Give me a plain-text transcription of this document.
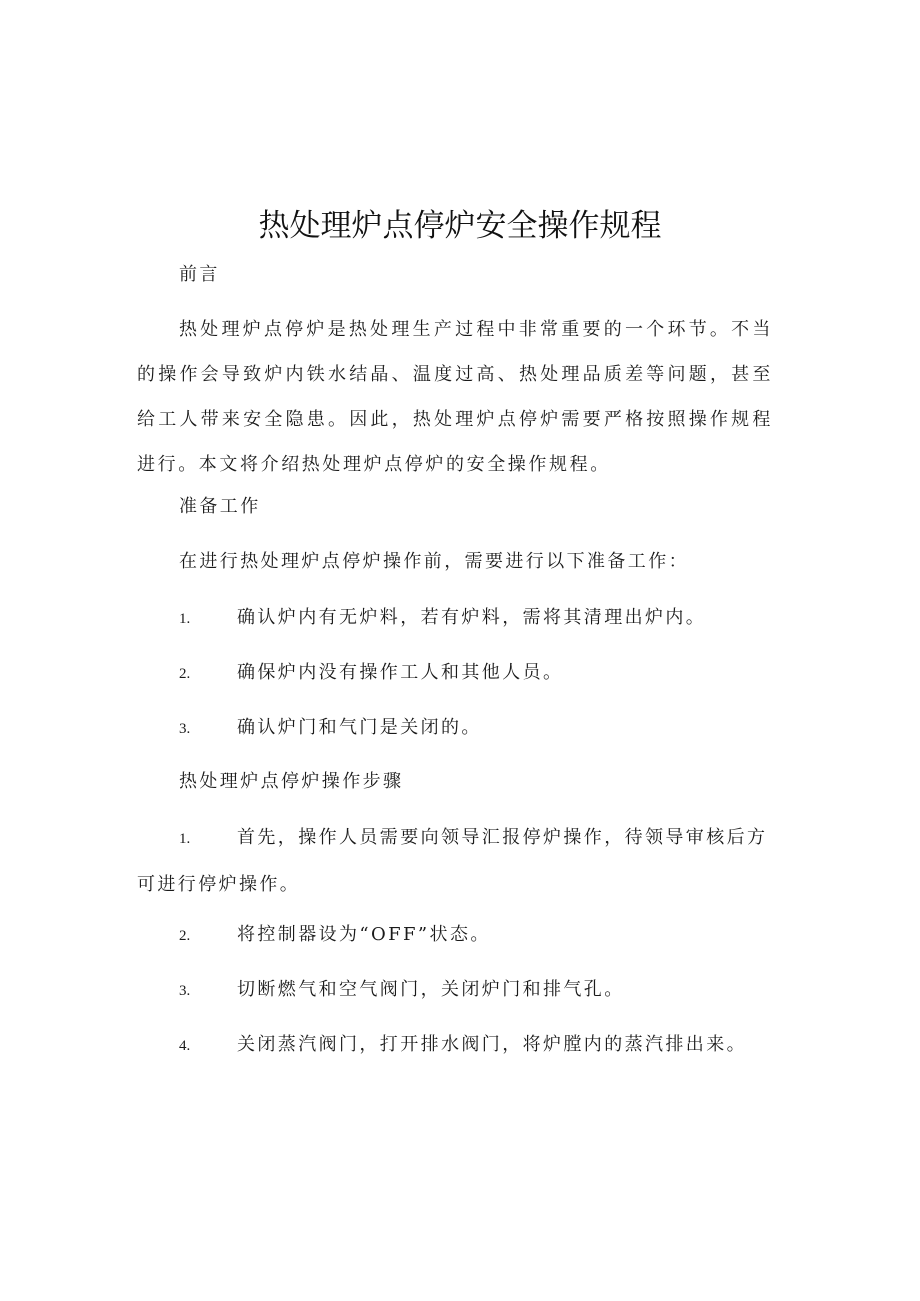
热处理炉点停炉安全操作规程
前言
热处理炉点停炉是热处理生产过程中非常重要的一个环节。不当的操作会导致炉内铁水结晶、温度过高、热处理品质差等问题，甚至给工人带来安全隐患。因此，热处理炉点停炉需要严格按照操作规程进行。本文将介绍热处理炉点停炉的安全操作规程。
准备工作
在进行热处理炉点停炉操作前，需要进行以下准备工作：
1.	确认炉内有无炉料，若有炉料，需将其清理出炉内。
2.	确保炉内没有操作工人和其他人员。
3.	确认炉门和气门是关闭的。
热处理炉点停炉操作步骤
1.	首先，操作人员需要向领导汇报停炉操作，待领导审核后方可进行停炉操作。
2.	将控制器设为“OFF”状态。
3.	切断燃气和空气阀门，关闭炉门和排气孔。
4.	关闭蒸汽阀门，打开排水阀门，将炉膛内的蒸汽排出来。
